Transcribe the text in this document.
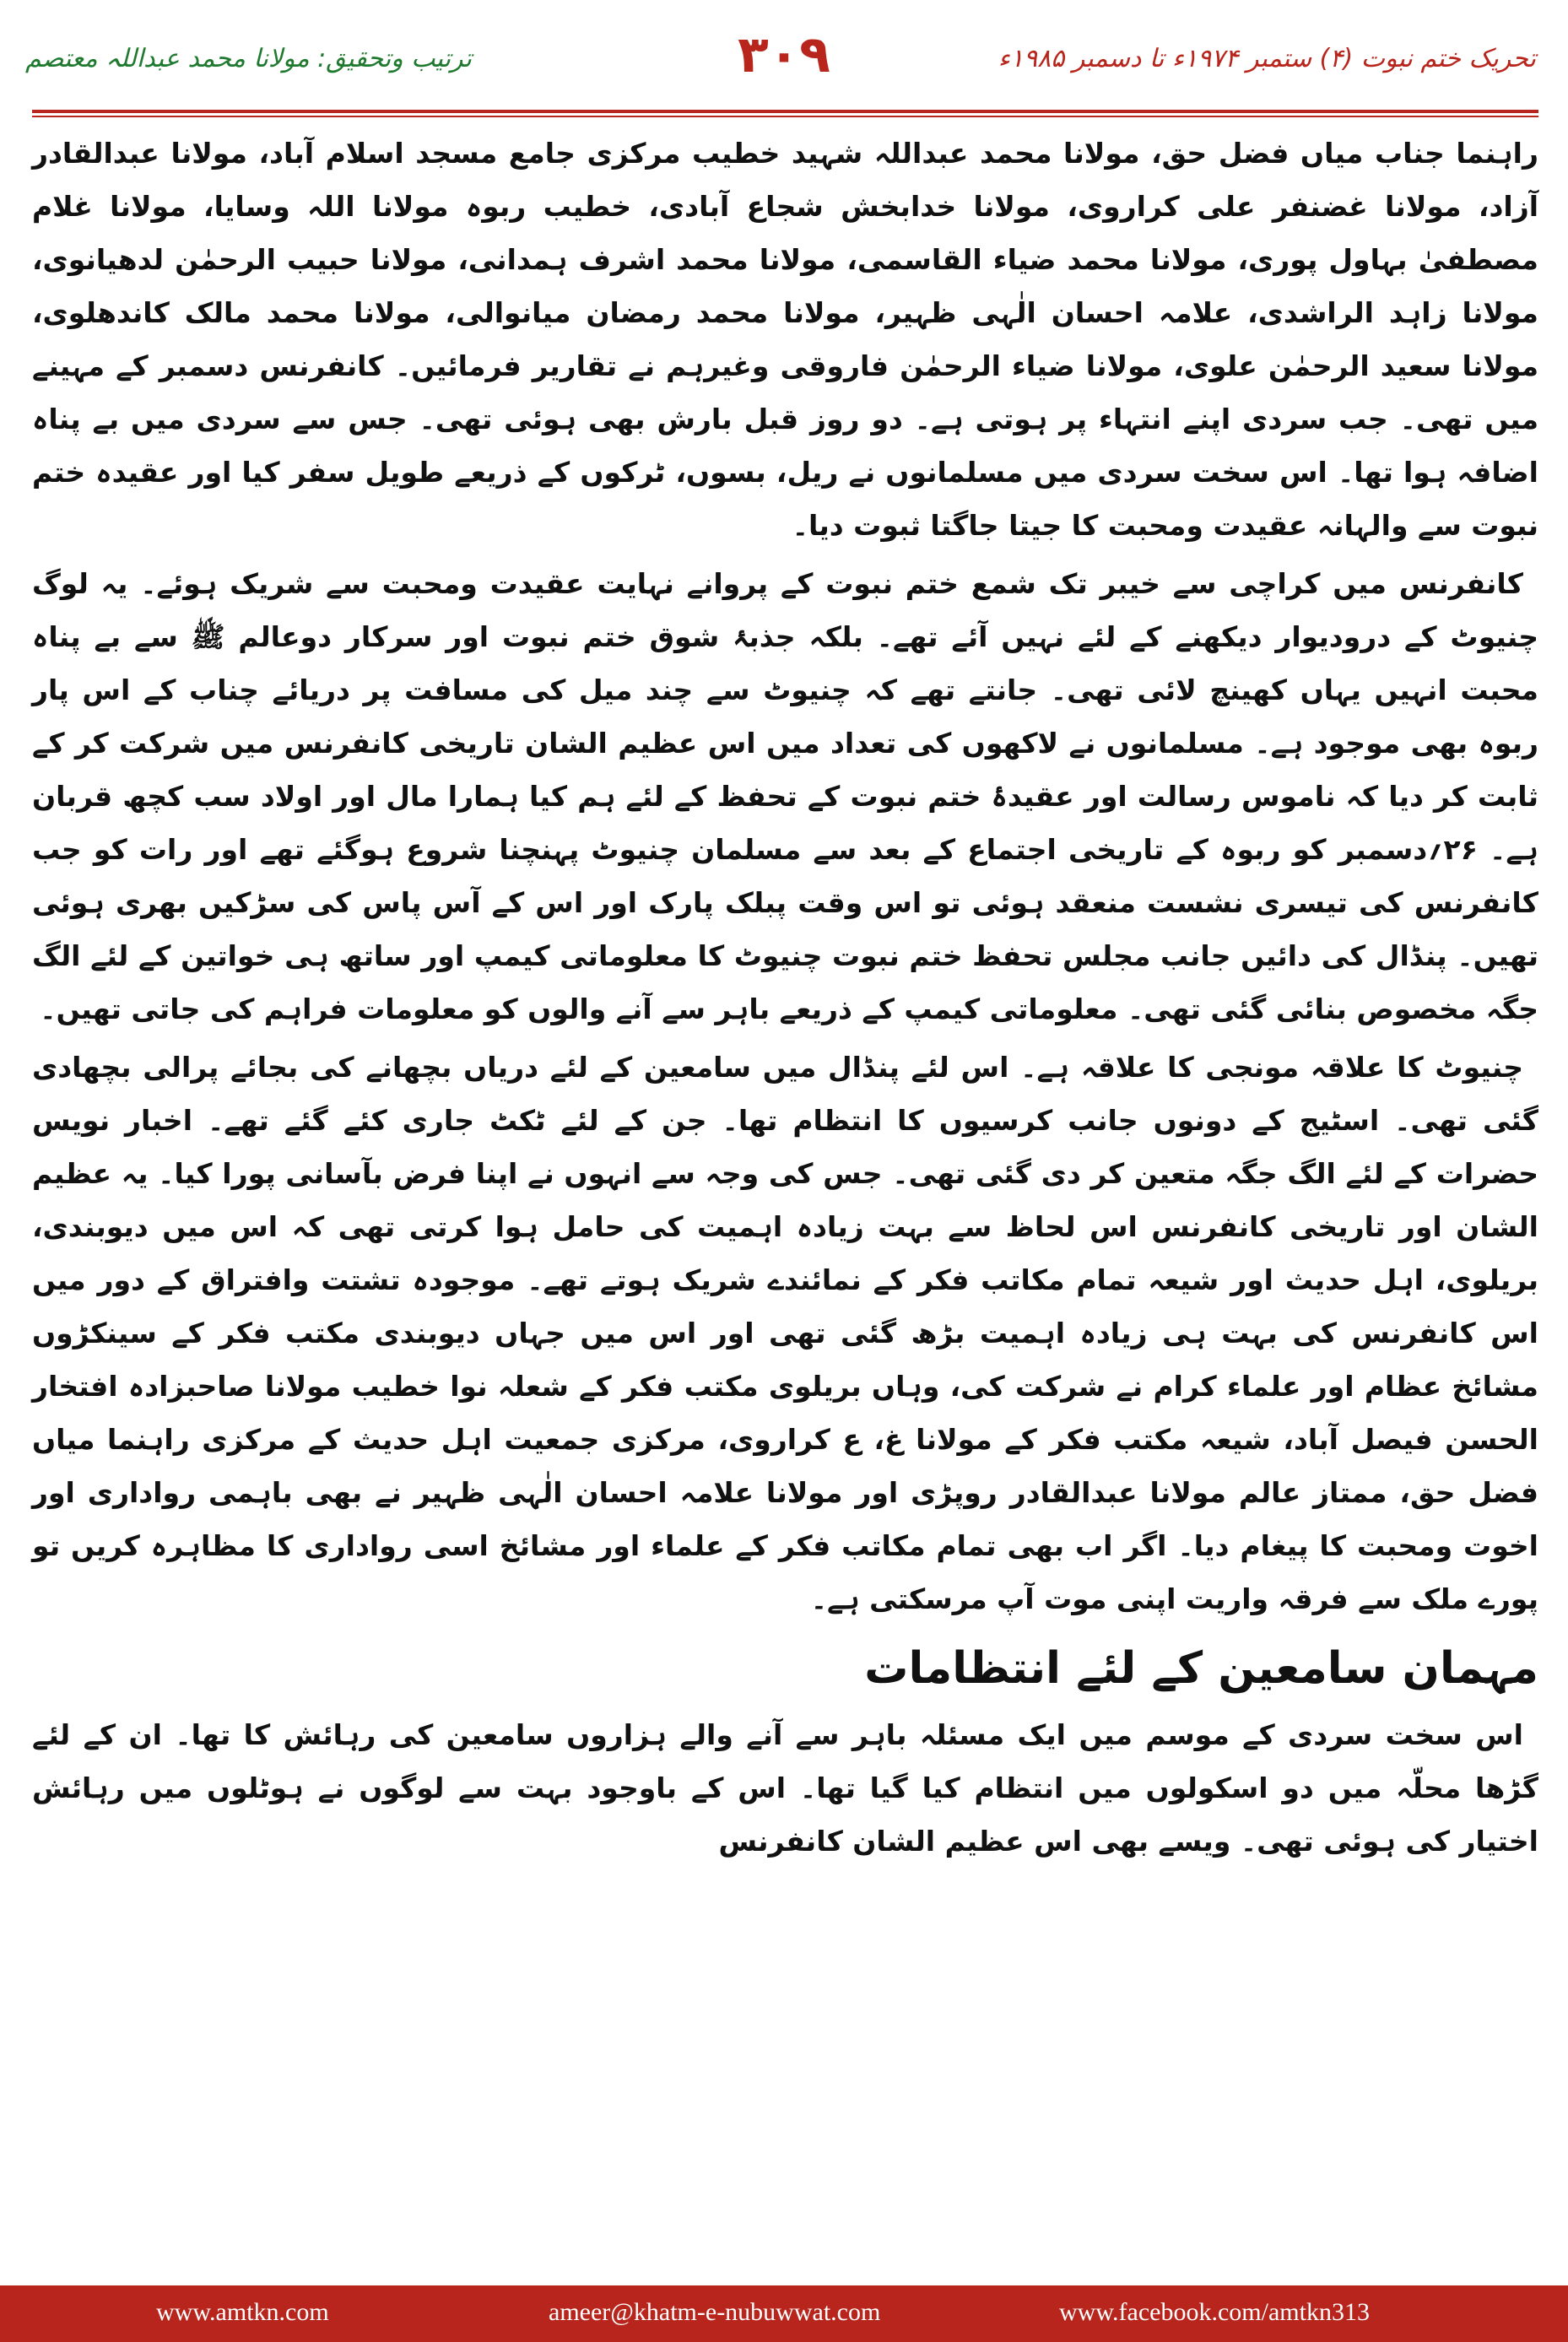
تحریک ختم نبوت (۴) ستمبر ۱۹۷۴ء تا دسمبر ۱۹۸۵ء
۳۰۹
ترتیب وتحقیق: مولانا محمد عبداللہ معتصم

راہنما جناب میاں فضل حق، مولانا محمد عبداللہ شہید خطیب مرکزی جامع مسجد اسلام آباد، مولانا عبدالقادر آزاد، مولانا غضنفر علی کراروی، مولانا خدابخش شجاع آبادی، خطیب ربوہ مولانا اللہ وسایا، مولانا غلام مصطفیٰ بہاول پوری، مولانا محمد ضیاء القاسمی، مولانا محمد اشرف ہمدانی، مولانا حبیب الرحمٰن لدھیانوی، مولانا زاہد الراشدی، علامہ احسان الٰہی ظہیر، مولانا محمد رمضان میانوالی، مولانا محمد مالک کاندھلوی، مولانا سعید الرحمٰن علوی، مولانا ضیاء الرحمٰن فاروقی وغیرہم نے تقاریر فرمائیں۔ کانفرنس دسمبر کے مہینے میں تھی۔ جب سردی اپنے انتہاء پر ہوتی ہے۔ دو روز قبل بارش بھی ہوئی تھی۔ جس سے سردی میں بے پناہ اضافہ ہوا تھا۔ اس سخت سردی میں مسلمانوں نے ریل، بسوں، ٹرکوں کے ذریعے طویل سفر کیا اور عقیدہ ختم نبوت سے والہانہ عقیدت ومحبت کا جیتا جاگتا ثبوت دیا۔

کانفرنس میں کراچی سے خیبر تک شمع ختم نبوت کے پروانے نہایت عقیدت ومحبت سے شریک ہوئے۔ یہ لوگ چنیوٹ کے درودیوار دیکھنے کے لئے نہیں آئے تھے۔ بلکہ جذبۂ شوق ختم نبوت اور سرکار دوعالم ﷺ سے بے پناہ محبت انہیں یہاں کھینچ لائی تھی۔ جانتے تھے کہ چنیوٹ سے چند میل کی مسافت پر دریائے چناب کے اس پار ربوہ بھی موجود ہے۔ مسلمانوں نے لاکھوں کی تعداد میں اس عظیم الشان تاریخی کانفرنس میں شرکت کر کے ثابت کر دیا کہ ناموس رسالت اور عقیدۂ ختم نبوت کے تحفظ کے لئے ہم کیا ہمارا مال اور اولاد سب کچھ قربان ہے۔ ۲۶؍دسمبر کو ربوہ کے تاریخی اجتماع کے بعد سے مسلمان چنیوٹ پہنچنا شروع ہوگئے تھے اور رات کو جب کانفرنس کی تیسری نشست منعقد ہوئی تو اس وقت پبلک پارک اور اس کے آس پاس کی سڑکیں بھری ہوئی تھیں۔ پنڈال کی دائیں جانب مجلس تحفظ ختم نبوت چنیوٹ کا معلوماتی کیمپ اور ساتھ ہی خواتین کے لئے الگ جگہ مخصوص بنائی گئی تھی۔ معلوماتی کیمپ کے ذریعے باہر سے آنے والوں کو معلومات فراہم کی جاتی تھیں۔

چنیوٹ کا علاقہ مونجی کا علاقہ ہے۔ اس لئے پنڈال میں سامعین کے لئے دریاں بچھانے کی بجائے پرالی بچھادی گئی تھی۔ اسٹیج کے دونوں جانب کرسیوں کا انتظام تھا۔ جن کے لئے ٹکٹ جاری کئے گئے تھے۔ اخبار نویس حضرات کے لئے الگ جگہ متعین کر دی گئی تھی۔ جس کی وجہ سے انہوں نے اپنا فرض بآسانی پورا کیا۔ یہ عظیم الشان اور تاریخی کانفرنس اس لحاظ سے بہت زیادہ اہمیت کی حامل ہوا کرتی تھی کہ اس میں دیوبندی، بریلوی، اہل حدیث اور شیعہ تمام مکاتب فکر کے نمائندے شریک ہوتے تھے۔ موجودہ تشتت وافتراق کے دور میں اس کانفرنس کی بہت ہی زیادہ اہمیت بڑھ گئی تھی اور اس میں جہاں دیوبندی مکتب فکر کے سینکڑوں مشائخ عظام اور علماء کرام نے شرکت کی، وہاں بریلوی مکتب فکر کے شعلہ نوا خطیب مولانا صاحبزادہ افتخار الحسن فیصل آباد، شیعہ مکتب فکر کے مولانا غ، ع کراروی، مرکزی جمعیت اہل حدیث کے مرکزی راہنما میاں فضل حق، ممتاز عالم مولانا عبدالقادر روپڑی اور مولانا علامہ احسان الٰہی ظہیر نے بھی باہمی رواداری اور اخوت ومحبت کا پیغام دیا۔ اگر اب بھی تمام مکاتب فکر کے علماء اور مشائخ اسی رواداری کا مظاہرہ کریں تو پورے ملک سے فرقہ واریت اپنی موت آپ مرسکتی ہے۔

مہمان سامعین کے لئے انتظامات

اس سخت سردی کے موسم میں ایک مسئلہ باہر سے آنے والے ہزاروں سامعین کی رہائش کا تھا۔ ان کے لئے گڑھا محلّہ میں دو اسکولوں میں انتظام کیا گیا تھا۔ اس کے باوجود بہت سے لوگوں نے ہوٹلوں میں رہائش اختیار کی ہوئی تھی۔ ویسے بھی اس عظیم الشان کانفرنس

www.amtkn.com	ameer@khatm-e-nubuwwat.com	www.facebook.com/amtkn313
